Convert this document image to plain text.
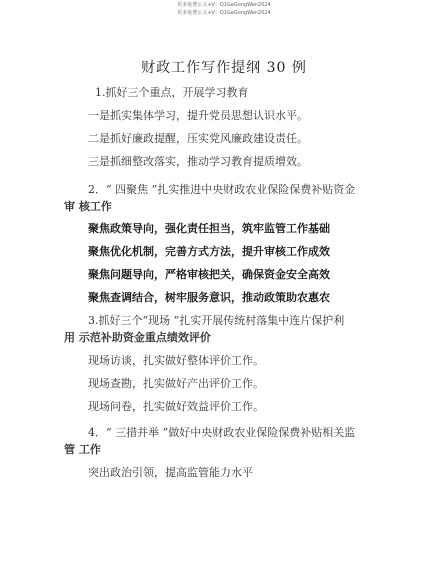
更多免费公文+V：Q1GeGongWen2024
更多免费公文+V：Q1GeGongWen2024
财政工作写作提纲 30 例
1.抓好三个重点，开展学习教育
一是抓实集体学习，提升党员思想认识水平。
二是抓好廉政提醒，压实党风廉政建设责任。
三是抓细整改落实，推动学习教育提质增效。
2．“ 四聚焦 ”扎实推进中央财政农业保险保费补贴资金
审 核工作
聚焦政策导向，强化责任担当，筑牢监管工作基础
聚焦优化机制，完善方式方法，提升审核工作成效
聚焦问题导向，严格审核把关，确保资金安全高效
聚焦查调结合，树牢服务意识，推动政策助农惠农
3.抓好三个“现场 ”扎实开展传统村落集中连片保护利
用 示范补助资金重点绩效评价
现场访谈，扎实做好整体评价工作。
现场查勘，扎实做好产出评价工作。
现场问卷，扎实做好效益评价工作。
4．“ 三措并举 ”做好中央财政农业保险保费补贴相关监
管 工作
突出政治引领，提高监管能力水平
